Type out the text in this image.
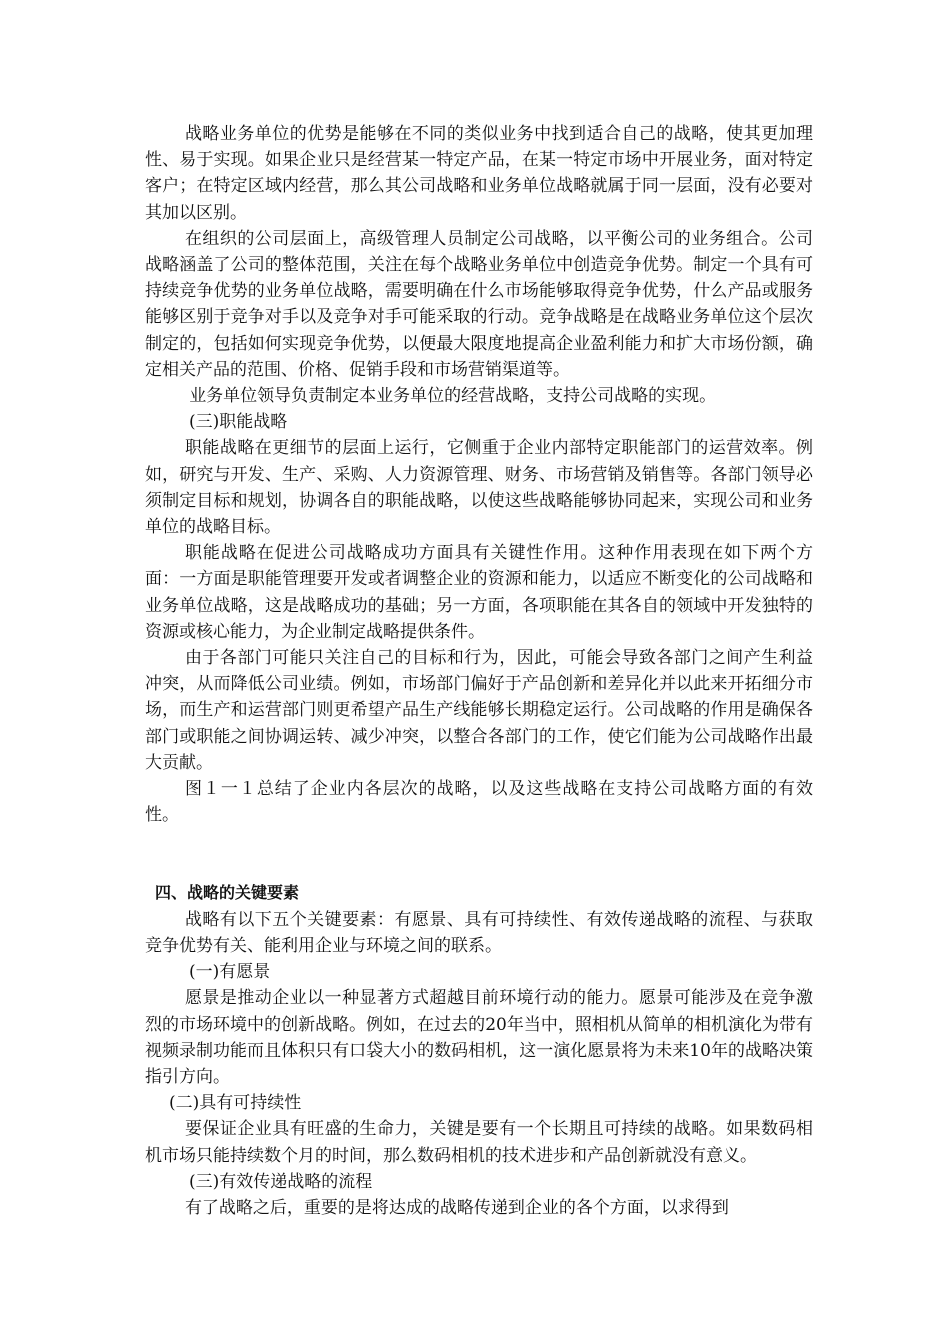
战略业务单位的优势是能够在不同的类似业务中找到适合自己的战略，使其更加理性、易于实现。如果企业只是经营某一特定产品，在某一特定市场中开展业务，面对特定客户；在特定区域内经营，那么其公司战略和业务单位战略就属于同一层面，没有必要对其加以区别。

在组织的公司层面上，高级管理人员制定公司战略，以平衡公司的业务组合。公司战略涵盖了公司的整体范围，关注在每个战略业务单位中创造竞争优势。制定一个具有可持续竞争优势的业务单位战略，需要明确在什么市场能够取得竞争优势，什么产品或服务能够区别于竞争对手以及竞争对手可能采取的行动。竞争战略是在战略业务单位这个层次制定的，包括如何实现竞争优势，以便最大限度地提高企业盈利能力和扩大市场份额，确定相关产品的范围、价格、促销手段和市场营销渠道等。

业务单位领导负责制定本业务单位的经营战略，支持公司战略的实现。

(三)职能战略

职能战略在更细节的层面上运行，它侧重于企业内部特定职能部门的运营效率。例如，研究与开发、生产、采购、人力资源管理、财务、市场营销及销售等。各部门领导必须制定目标和规划，协调各自的职能战略，以使这些战略能够协同起来，实现公司和业务单位的战略目标。

职能战略在促进公司战略成功方面具有关键性作用。这种作用表现在如下两个方面：一方面是职能管理要开发或者调整企业的资源和能力，以适应不断变化的公司战略和业务单位战略，这是战略成功的基础；另一方面，各项职能在其各自的领域中开发独特的资源或核心能力，为企业制定战略提供条件。

由于各部门可能只关注自己的目标和行为，因此，可能会导致各部门之间产生利益冲突，从而降低公司业绩。例如，市场部门偏好于产品创新和差异化并以此来开拓细分市场，而生产和运营部门则更希望产品生产线能够长期稳定运行。公司战略的作用是确保各部门或职能之间协调运转、减少冲突，以整合各部门的工作，使它们能为公司战略作出最大贡献。

图１一１总结了企业内各层次的战略，以及这些战略在支持公司战略方面的有效性。

四、战略的关键要素

战略有以下五个关键要素：有愿景、具有可持续性、有效传递战略的流程、与获取竞争优势有关、能利用企业与环境之间的联系。

(一)有愿景

愿景是推动企业以一种显著方式超越目前环境行动的能力。愿景可能涉及在竞争激烈的市场环境中的创新战略。例如，在过去的20年当中，照相机从简单的相机演化为带有视频录制功能而且体积只有口袋大小的数码相机，这一演化愿景将为未来10年的战略决策指引方向。

(二)具有可持续性

要保证企业具有旺盛的生命力，关键是要有一个长期且可持续的战略。如果数码相机市场只能持续数个月的时间，那么数码相机的技术进步和产品创新就没有意义。

(三)有效传递战略的流程

有了战略之后，重要的是将达成的战略传递到企业的各个方面，以求得到
